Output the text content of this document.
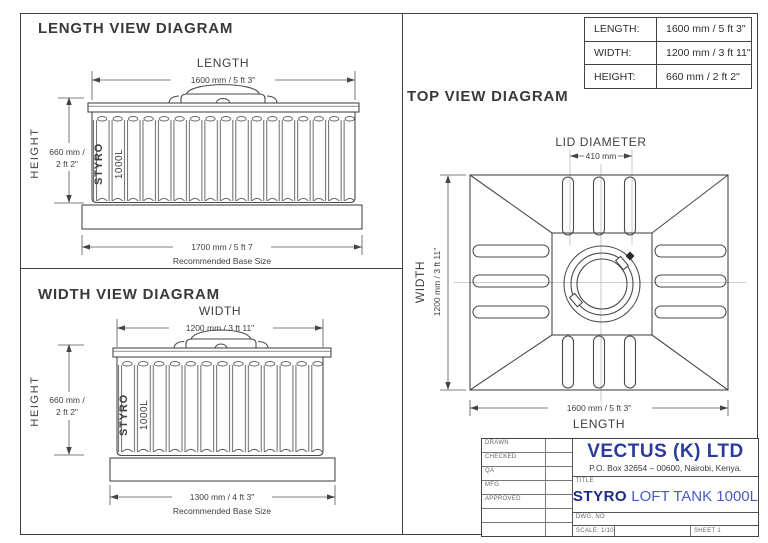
LENGTH VIEW DIAGRAM
WIDTH VIEW DIAGRAM
TOP VIEW DIAGRAM
LENGTH
1600 mm / 5 ft 3"
STYRO 1000L
HEIGHT 660 mm /
2 ft 2"
1700 mm / 5 ft 7
Recommended Base Size
WIDTH
1200 mm / 3 ft 11"
STYRO 1000L
HEIGHT 660 mm /
2 ft 2"
1300 mm / 4 ft 3"
Recommended Base Size
LID DIAMETER
410 mm
WIDTH 1200 mm / 3 ft 11"
1600 mm / 5 ft 3"
LENGTH
LENGTH:	1600 mm / 5 ft 3"
WIDTH:	1200 mm / 3 ft 11"
HEIGHT:	660 mm / 2 ft 2"
DRAWN
CHECKED
QA
MFG
APPROVED
VECTUS (K) LTD
P.O. Box 32654 – 00600, Nairobi, Kenya.
TITLE
STYRO LOFT TANK 1000L
DWG. NO
SCALE: 1/10	SHEET 1
